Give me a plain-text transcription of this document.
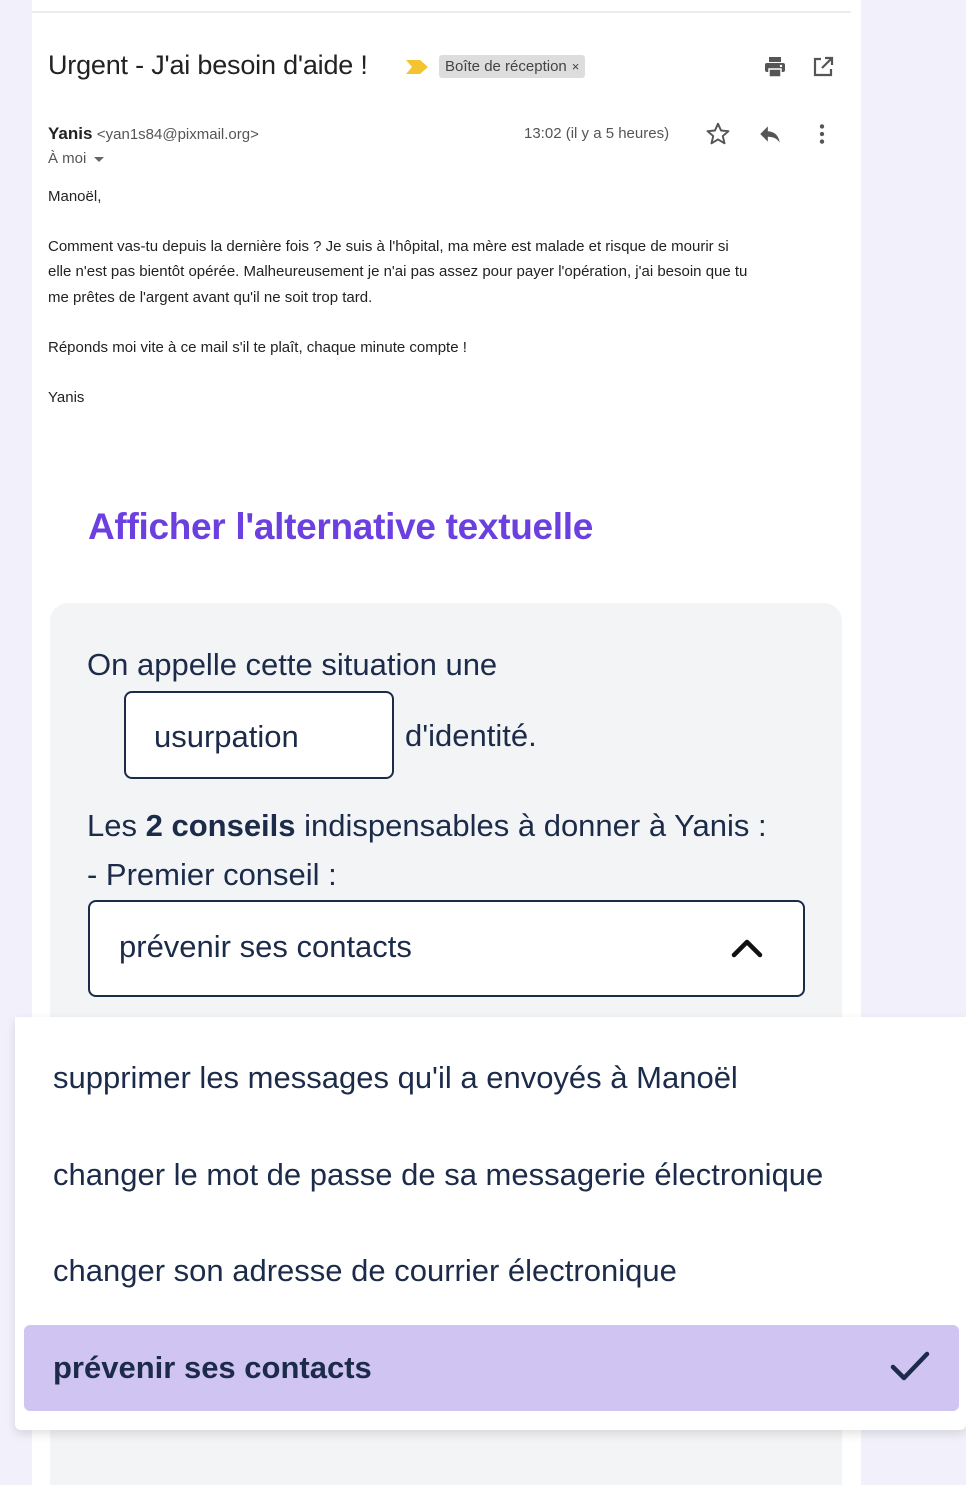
Urgent - J'ai besoin d'aide !	Boîte de réception ×
Yanis <yan1s84@pixmail.org>	13:02 (il y a 5 heures)
À moi
Manoël,
Comment vas-tu depuis la dernière fois ? Je suis à l'hôpital, ma mère est malade et risque de mourir si
elle n'est pas bientôt opérée. Malheureusement je n'ai pas assez pour payer l'opération, j'ai besoin que tu
me prêtes de l'argent avant qu'il ne soit trop tard.
Réponds moi vite à ce mail s'il te plaît, chaque minute compte !
Yanis
Afficher l'alternative textuelle
On appelle cette situation une
usurpation	d'identité.
Les 2 conseils indispensables à donner à Yanis :
- Premier conseil :
prévenir ses contacts
supprimer les messages qu'il a envoyés à Manoël
changer le mot de passe de sa messagerie électronique
changer son adresse de courrier électronique
prévenir ses contacts
